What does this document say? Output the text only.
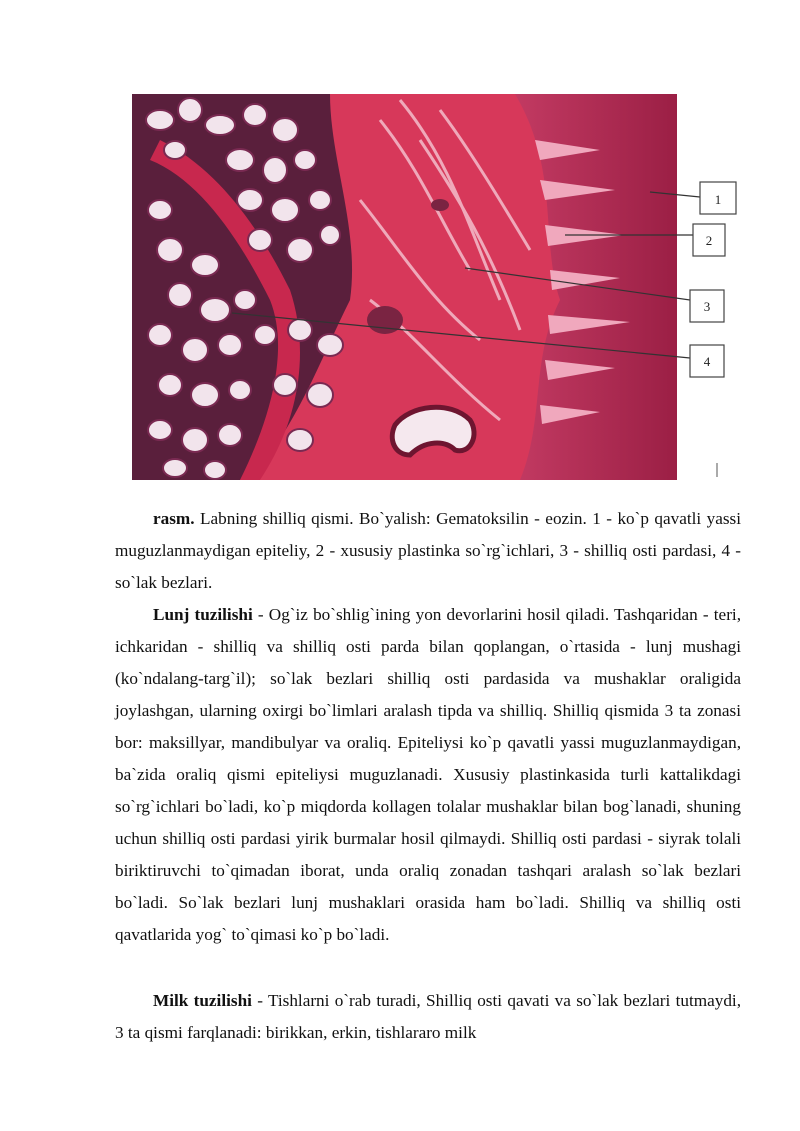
1
2
3
4

rasm. Labning shilliq qismi. Bo`yalish: Gematoksilin - eozin. 1 - ko`p qavatli yassi muguzlanmaydigan epiteliy, 2 - xususiy plastinka so`rg`ichlari, 3 - shilliq osti pardasi, 4 - so`lak bezlari.

Lunj tuzilishi - Og`iz bo`shlig`ining yon devorlarini hosil qiladi. Tashqaridan - teri, ichkaridan - shilliq va shilliq osti parda bilan qoplangan, o`rtasida - lunj mushagi (ko`ndalang-targ`il); so`lak bezlari shilliq osti pardasida va mushaklar oraligida joylashgan, ularning oxirgi bo`limlari aralash tipda va shilliq. Shilliq qismida 3 ta zonasi bor: maksillyar, mandibulyar va oraliq. Epiteliysi ko`p qavatli yassi muguzlanmaydigan, ba`zida oraliq qismi epiteliysi muguzlanadi. Xususiy plastinkasida turli kattalikdagi so`rg`ichlari bo`ladi, ko`p miqdorda kollagen tolalar mushaklar bilan bog`lanadi, shuning uchun shilliq osti pardasi yirik burmalar hosil qilmaydi. Shilliq osti pardasi - siyrak tolali biriktiruvchi to`qimadan iborat, unda oraliq zonadan tashqari aralash so`lak bezlari bo`ladi. So`lak bezlari lunj mushaklari orasida ham bo`ladi. Shilliq va shilliq osti qavatlarida yog` to`qimasi ko`p bo`ladi.

Milk tuzilishi - Tishlarni o`rab turadi, Shilliq osti qavati va so`lak bezlari tutmaydi, 3 ta qismi farqlanadi: birikkan, erkin, tishlararo milk
